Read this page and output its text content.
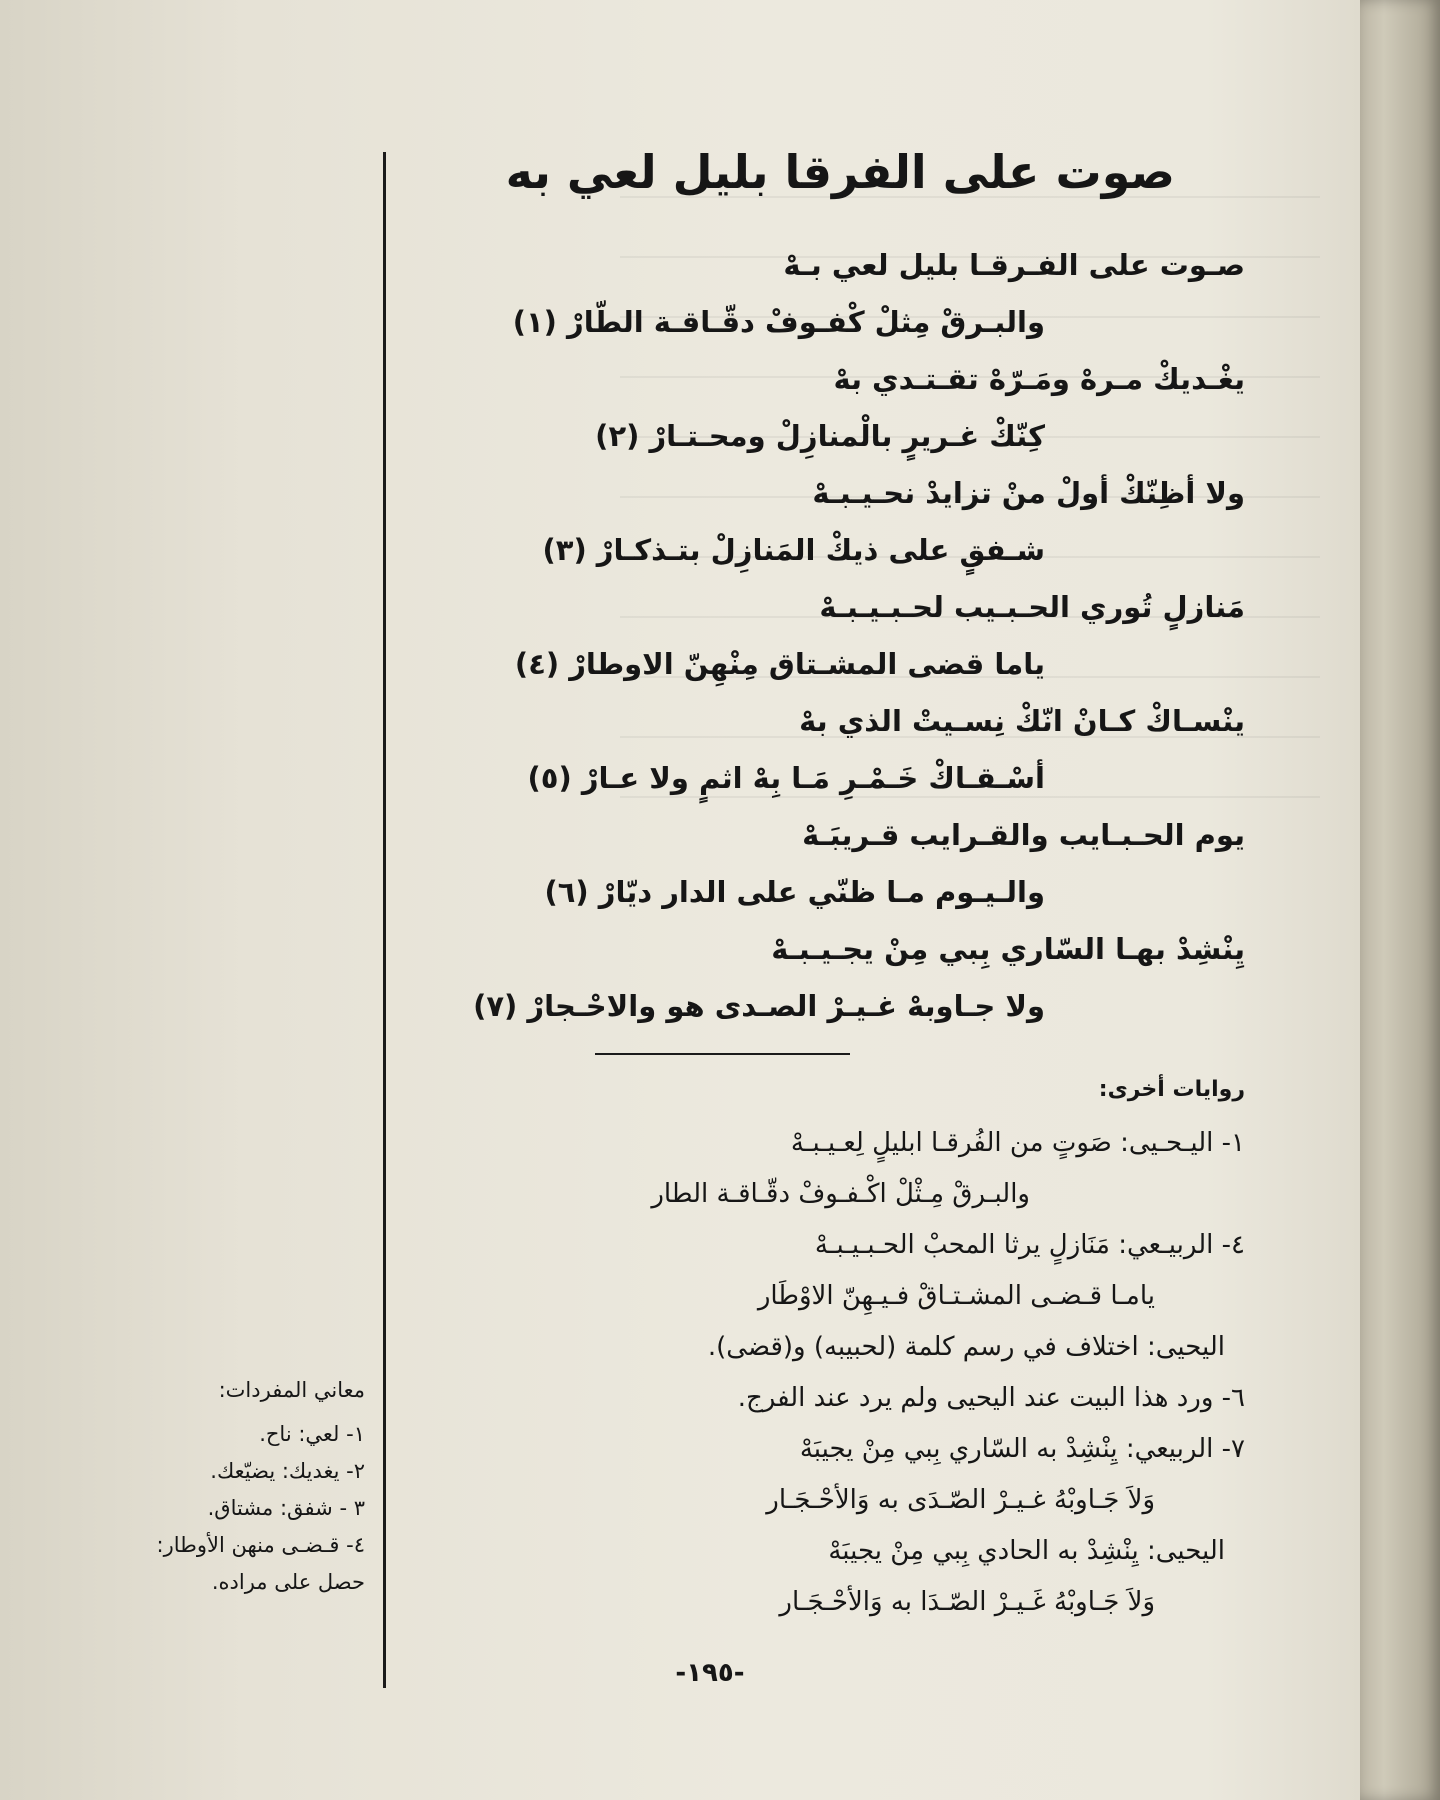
صوت على الفرقا بليل لعي به
صـوت على الفـرقـا بليل لعي بـهْ
والبـرقْ مِثلْ كْفـوفْ دقّـاقـة الطّارْ (١)
يغْـديكْ مـرهْ ومَـرّهْ تقـتـدي بهْ
كِنّكْ غـريرٍ بالْمنازِلْ ومحـتـارْ (٢)
ولا أظِنّكْ أولْ منْ تزايدْ نحـيـبـهْ
شـفقٍ على ذيكْ المَنازِلْ بتـذكـارْ (٣)
مَنازلٍ تُوري الحـبـيب لحـبـيـبـهْ
ياما قضى المشـتاق مِنْهِنّ الاوطارْ (٤)
ينْسـاكْ كـانْ انّكْ نِسـيتْ الذي بهْ
أسْـقـاكْ خَـمْـرِ مَـا بِهْ اثمٍ ولا عـارْ (٥)
يوم الحـبـايب والقـرايب قـريبَـهْ
والـيـوم مـا ظنّي على الدار ديّارْ (٦)
يِنْشِدْ بهـا السّاري بِبي مِنْ يجـيـبـهْ
ولا جـاوبهْ غـيـرْ الصـدى هو والاحْـجارْ (٧)
روايات أخرى:
١- اليـحـيى: صَوتٍ من الفُرقـا ابليلٍ لِعـيـبـهْ
والبـرقْ مِـثْلْ اكْـفـوفْ دقّـاقـة الطار
٤- الربيـعي: مَنَازلٍ يرثا المحبْ الحـبـيـبـهْ
يامـا قـضـى المشـتـاقْ فـيـهِنّ الاوْطَار
اليحيى: اختلاف في رسم كلمة (لحبيبه) و(قضى).
٦- ورد هذا البيت عند اليحيى ولم يرد عند الفرج.
٧- الربيعي: يِنْشِدْ به السّاري بِبي مِنْ يجيبَهْ
وَلاَ جَـاوبْهُ غـيـرْ الصّـدَى به وَالأحْـجَـار
اليحيى: يِنْشِدْ به الحادي بِبي مِنْ يجيبَهْ
وَلاَ جَـاوبْهُ غَـيـرْ الصّـدَا به وَالأحْـجَـار
معاني المفردات:
١- لعي: ناح.
٢- يغديك: يضيّعك.
٣ - شفق: مشتاق.
٤- قـضـى منهن الأوطار: حصل على مراده.
-١٩٥-
